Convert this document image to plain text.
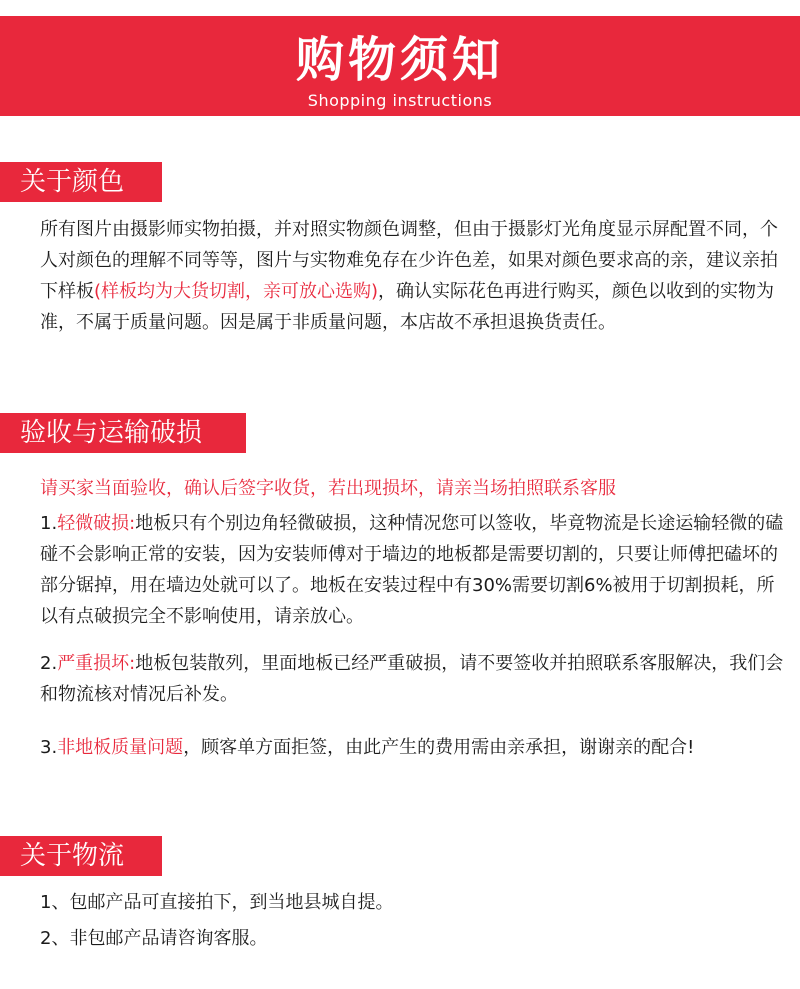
购物须知
Shopping instructions
关于颜色

所有图片由摄影师实物拍摄，并对照实物颜色调整，但由于摄影灯光角度显示屏配置不同，个人对颜色的理解不同等等，图片与实物难免存在少许色差，如果对颜色要求高的亲，建议亲拍下样板(样板均为大货切割，亲可放心选购)，确认实际花色再进行购买，颜色以收到的实物为准，不属于质量问题。因是属于非质量问题，本店故不承担退换货责任。

验收与运输破损

请买家当面验收，确认后签字收货，若出现损坏，请亲当场拍照联系客服

1.轻微破损:地板只有个别边角轻微破损，这种情况您可以签收，毕竟物流是长途运输轻微的磕碰不会影响正常的安装，因为安装师傅对于墙边的地板都是需要切割的，只要让师傅把磕坏的部分锯掉，用在墙边处就可以了。地板在安装过程中有30%需要切割6%被用于切割损耗，所以有点破损完全不影响使用，请亲放心。

2.严重损坏:地板包装散列，里面地板已经严重破损，请不要签收并拍照联系客服解决，我们会和物流核对情况后补发。

3.非地板质量问题，顾客单方面拒签，由此产生的费用需由亲承担，谢谢亲的配合!

关于物流

1、包邮产品可直接拍下，到当地县城自提。

2、非包邮产品请咨询客服。
